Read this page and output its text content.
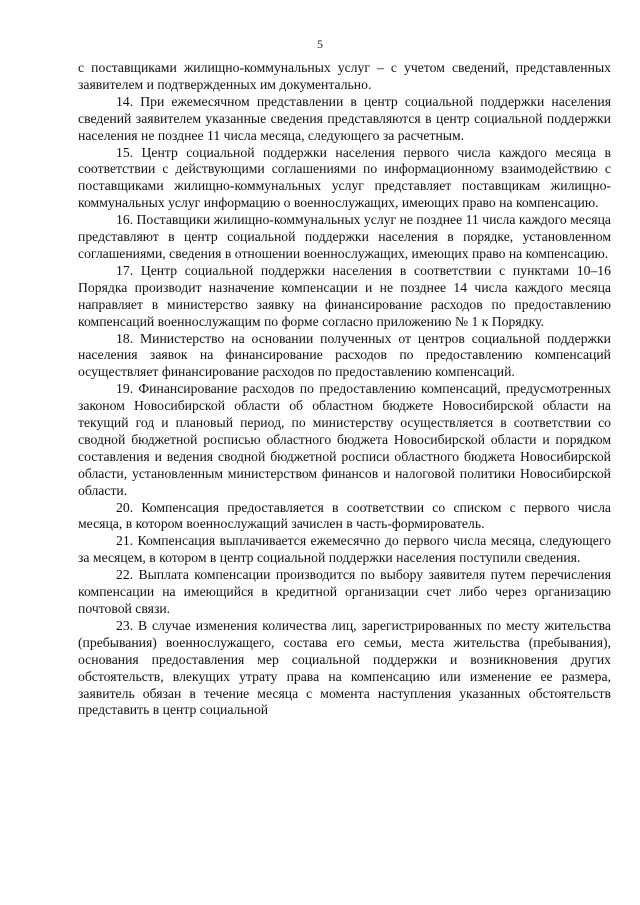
5

с поставщиками жилищно-коммунальных услуг – с учетом сведений, представленных заявителем и подтвержденных им документально.

14. При ежемесячном представлении в центр социальной поддержки населения сведений заявителем указанные сведения представляются в центр социальной поддержки населения не позднее 11 числа месяца, следующего за расчетным.

15. Центр социальной поддержки населения первого числа каждого месяца в соответствии с действующими соглашениями по информационному взаимодействию с поставщиками жилищно-коммунальных услуг представляет поставщикам жилищно-коммунальных услуг информацию о военнослужащих, имеющих право на компенсацию.

16. Поставщики жилищно-коммунальных услуг не позднее 11 числа каждого месяца представляют в центр социальной поддержки населения в порядке, установленном соглашениями, сведения в отношении военнослужащих, имеющих право на компенсацию.

17. Центр социальной поддержки населения в соответствии с пунктами 10–16 Порядка производит назначение компенсации и не позднее 14 числа каждого месяца направляет в министерство заявку на финансирование расходов по предоставлению компенсаций военнослужащим по форме согласно приложению № 1 к Порядку.

18. Министерство на основании полученных от центров социальной поддержки населения заявок на финансирование расходов по предоставлению компенсаций осуществляет финансирование расходов по предоставлению компенсаций.

19. Финансирование расходов по предоставлению компенсаций, предусмотренных законом Новосибирской области об областном бюджете Новосибирской области на текущий год и плановый период, по министерству осуществляется в соответствии со сводной бюджетной росписью областного бюджета Новосибирской области и порядком составления и ведения сводной бюджетной росписи областного бюджета Новосибирской области, установленным министерством финансов и налоговой политики Новосибирской области.

20. Компенсация предоставляется в соответствии со списком с первого числа месяца, в котором военнослужащий зачислен в часть-формирователь.

21. Компенсация выплачивается ежемесячно до первого числа месяца, следующего за месяцем, в котором в центр социальной поддержки населения поступили сведения.

22. Выплата компенсации производится по выбору заявителя путем перечисления компенсации на имеющийся в кредитной организации счет либо через организацию почтовой связи.

23. В случае изменения количества лиц, зарегистрированных по месту жительства (пребывания) военнослужащего, состава его семьи, места жительства (пребывания), основания предоставления мер социальной поддержки и возникновения других обстоятельств, влекущих утрату права на компенсацию или изменение ее размера, заявитель обязан в течение месяца с момента наступления указанных обстоятельств представить в центр социальной
